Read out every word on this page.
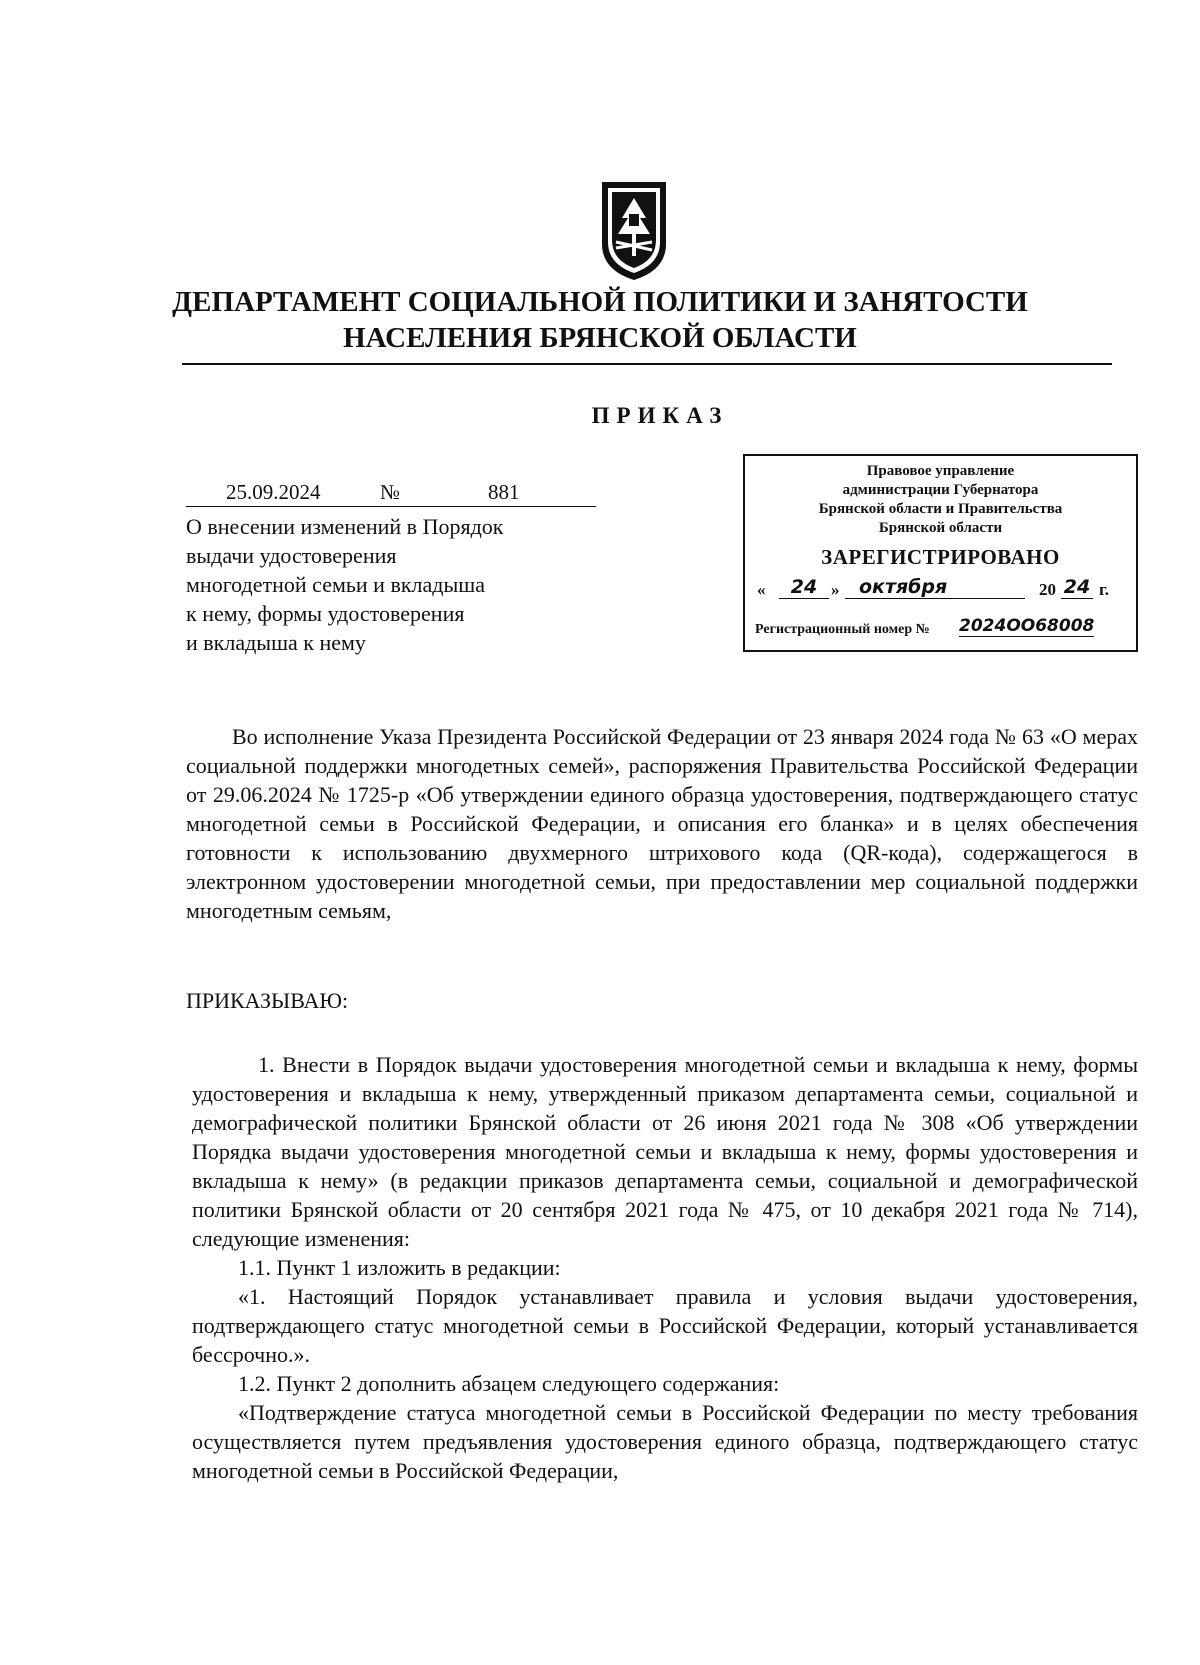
ДЕПАРТАМЕНТ СОЦИАЛЬНОЙ ПОЛИТИКИ И ЗАНЯТОСТИ
НАСЕЛЕНИЯ БРЯНСКОЙ ОБЛАСТИ
ПРИКАЗ
25.09.2024	№	881
О внесении изменений в Порядок
выдачи удостоверения
многодетной семьи и вкладыша
к нему, формы удостоверения
и вкладыша к нему
Правовое управление
администрации Губернатора
Брянской области и Правительства
Брянской области
ЗАРЕГИСТРИРОВАНО
«	24 »	октября	20 24 г.
Регистрационный номер № 2024ОО68008

Во исполнение Указа Президента Российской Федерации от 23 января 2024 года № 63 «О мерах социальной поддержки многодетных семей», распоряжения Правительства Российской Федерации от 29.06.2024 № 1725-р «Об утверждении единого образца удостоверения, подтверждающего статус многодетной семьи в Российской Федерации, и описания его бланка» и в целях обеспечения готовности к использованию двухмерного штрихового кода (QR-кода), содержащегося в электронном удостоверении многодетной семьи, при предоставлении мер социальной поддержки многодетным семьям,

ПРИКАЗЫВАЮ:

1. Внести в Порядок выдачи удостоверения многодетной семьи и вкладыша к нему, формы удостоверения и вкладыша к нему, утвержденный приказом департамента семьи, социальной и демографической политики Брянской области от 26 июня 2021 года № 308 «Об утверждении Порядка выдачи удостоверения многодетной семьи и вкладыша к нему, формы удостоверения и вкладыша к нему» (в редакции приказов департамента семьи, социальной и демографической политики Брянской области от 20 сентября 2021 года № 475, от 10 декабря 2021 года № 714), следующие изменения:

1.1. Пункт 1 изложить в редакции:

«1. Настоящий Порядок устанавливает правила и условия выдачи удостоверения, подтверждающего статус многодетной семьи в Российской Федерации, который устанавливается бессрочно.».

1.2. Пункт 2 дополнить абзацем следующего содержания:

«Подтверждение статуса многодетной семьи в Российской Федерации по месту требования осуществляется путем предъявления удостоверения единого образца, подтверждающего статус многодетной семьи в Российской Федерации,
